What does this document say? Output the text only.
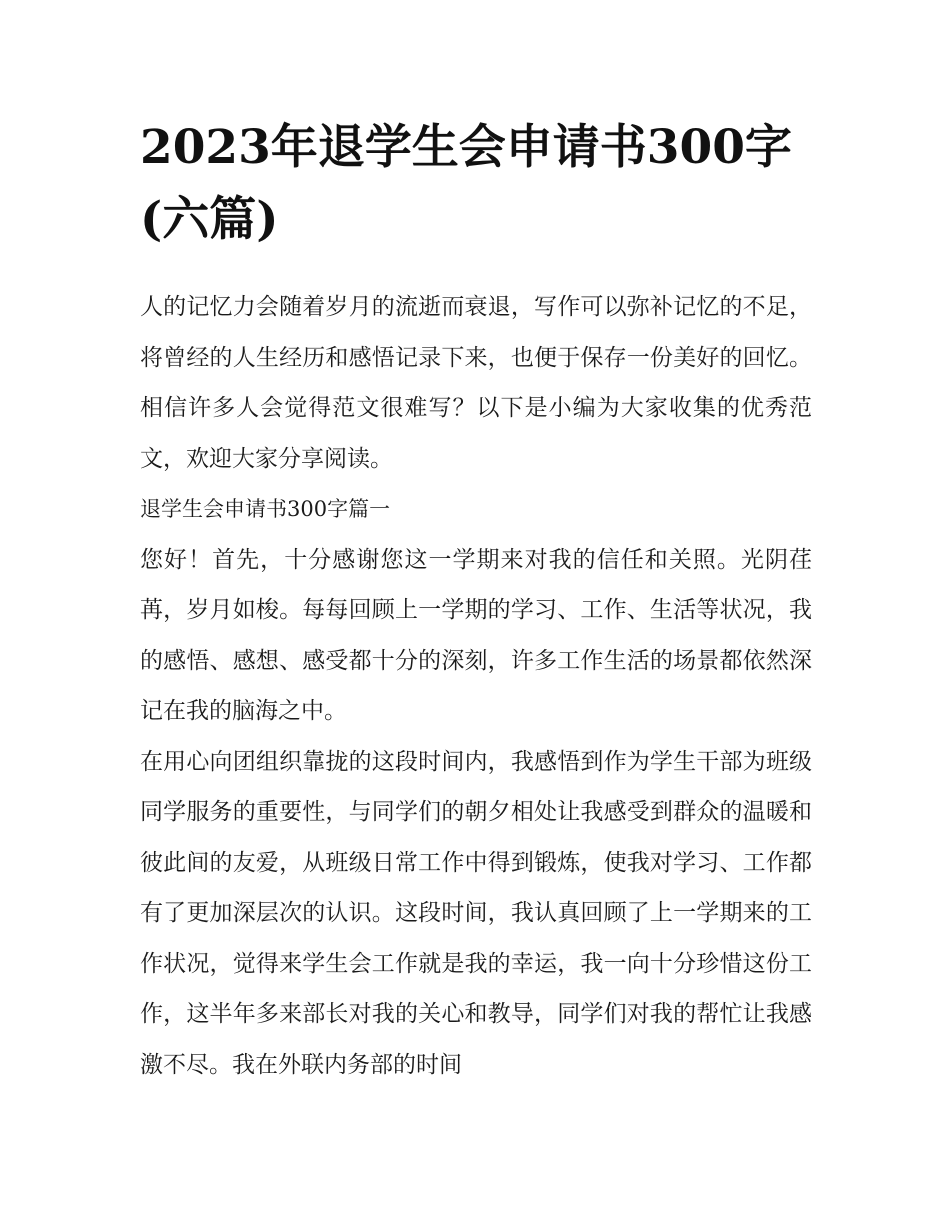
2023年退学生会申请书300字(六篇)

人的记忆力会随着岁月的流逝而衰退，写作可以弥补记忆的不足，将曾经的人生经历和感悟记录下来，也便于保存一份美好的回忆。相信许多人会觉得范文很难写？以下是小编为大家收集的优秀范文，欢迎大家分享阅读。

退学生会申请书300字篇一

您好！首先，十分感谢您这一学期来对我的信任和关照。光阴荏苒，岁月如梭。每每回顾上一学期的学习、工作、生活等状况，我的感悟、感想、感受都十分的深刻，许多工作生活的场景都依然深记在我的脑海之中。

在用心向团组织靠拢的这段时间内，我感悟到作为学生干部为班级同学服务的重要性，与同学们的朝夕相处让我感受到群众的温暖和彼此间的友爱，从班级日常工作中得到锻炼，使我对学习、工作都有了更加深层次的认识。这段时间，我认真回顾了上一学期来的工作状况，觉得来学生会工作就是我的幸运，我一向十分珍惜这份工作，这半年多来部长对我的关心和教导，同学们对我的帮忙让我感激不尽。我在外联内务部的时间
